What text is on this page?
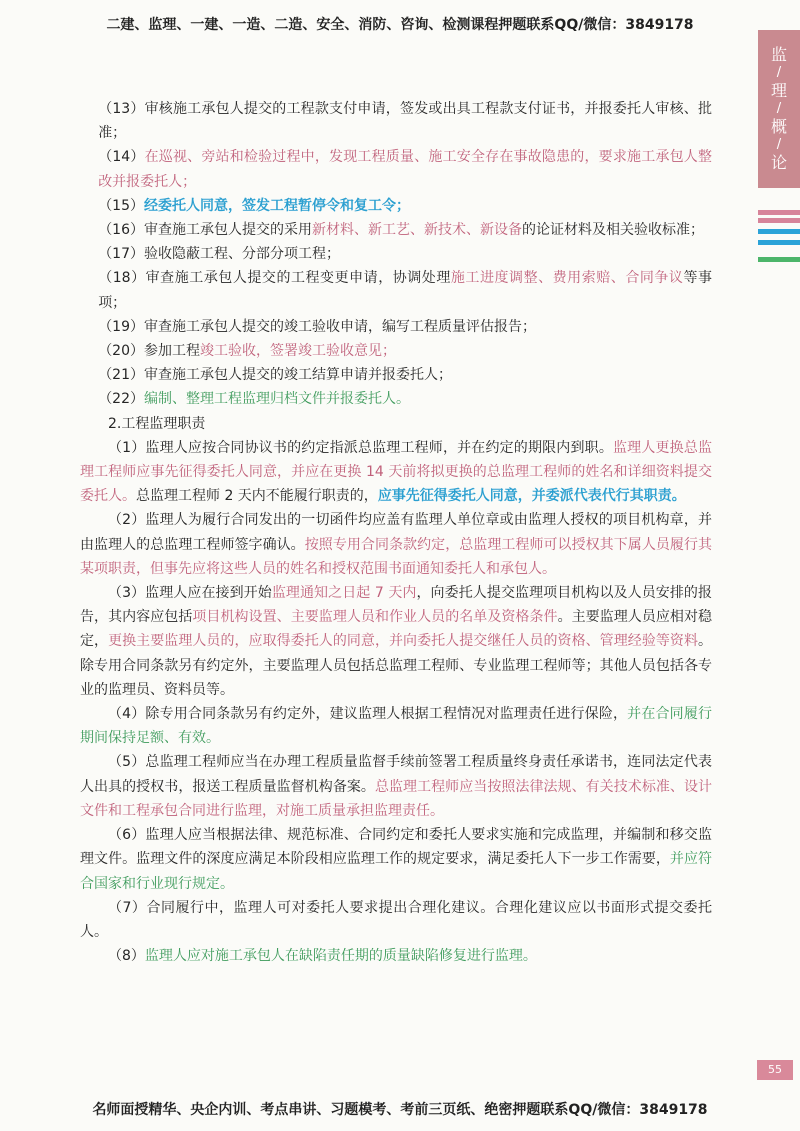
二建、监理、一建、一造、二造、安全、消防、咨询、检测课程押题联系QQ/微信：3849178
监
/
理
/
概
/
论

（13）审核施工承包人提交的工程款支付申请，签发或出具工程款支付证书，并报委托人审核、批准；

（14）在巡视、旁站和检验过程中，发现工程质量、施工安全存在事故隐患的，要求施工承包人整改并报委托人；

（15）经委托人同意，签发工程暂停令和复工令；

（16）审查施工承包人提交的采用新材料、新工艺、新技术、新设备的论证材料及相关验收标准；

（17）验收隐蔽工程、分部分项工程；

（18）审查施工承包人提交的工程变更申请，协调处理施工进度调整、费用索赔、合同争议等事项；

（19）审查施工承包人提交的竣工验收申请，编写工程质量评估报告；

（20）参加工程竣工验收，签署竣工验收意见；

（21）审查施工承包人提交的竣工结算申请并报委托人；

（22）编制、整理工程监理归档文件并报委托人。

2.工程监理职责

（1）监理人应按合同协议书的约定指派总监理工程师，并在约定的期限内到职。监理人更换总监理工程师应事先征得委托人同意，并应在更换 14 天前将拟更换的总监理工程师的姓名和详细资料提交委托人。总监理工程师 2 天内不能履行职责的，应事先征得委托人同意，并委派代表代行其职责。

（2）监理人为履行合同发出的一切函件均应盖有监理人单位章或由监理人授权的项目机构章，并由监理人的总监理工程师签字确认。按照专用合同条款约定，总监理工程师可以授权其下属人员履行其某项职责，但事先应将这些人员的姓名和授权范围书面通知委托人和承包人。

（3）监理人应在接到开始监理通知之日起 7 天内，向委托人提交监理项目机构以及人员安排的报告，其内容应包括项目机构设置、主要监理人员和作业人员的名单及资格条件。主要监理人员应相对稳定，更换主要监理人员的，应取得委托人的同意，并向委托人提交继任人员的资格、管理经验等资料。除专用合同条款另有约定外，主要监理人员包括总监理工程师、专业监理工程师等；其他人员包括各专业的监理员、资料员等。

（4）除专用合同条款另有约定外，建议监理人根据工程情况对监理责任进行保险，并在合同履行期间保持足额、有效。

（5）总监理工程师应当在办理工程质量监督手续前签署工程质量终身责任承诺书，连同法定代表人出具的授权书，报送工程质量监督机构备案。总监理工程师应当按照法律法规、有关技术标准、设计文件和工程承包合同进行监理，对施工质量承担监理责任。

（6）监理人应当根据法律、规范标准、合同约定和委托人要求实施和完成监理，并编制和移交监理文件。监理文件的深度应满足本阶段相应监理工作的规定要求，满足委托人下一步工作需要，并应符合国家和行业现行规定。

（7）合同履行中，监理人可对委托人要求提出合理化建议。合理化建议应以书面形式提交委托人。

（8）监理人应对施工承包人在缺陷责任期的质量缺陷修复进行监理。

55
名师面授精华、央企内训、考点串讲、习题模考、考前三页纸、绝密押题联系QQ/微信：3849178
